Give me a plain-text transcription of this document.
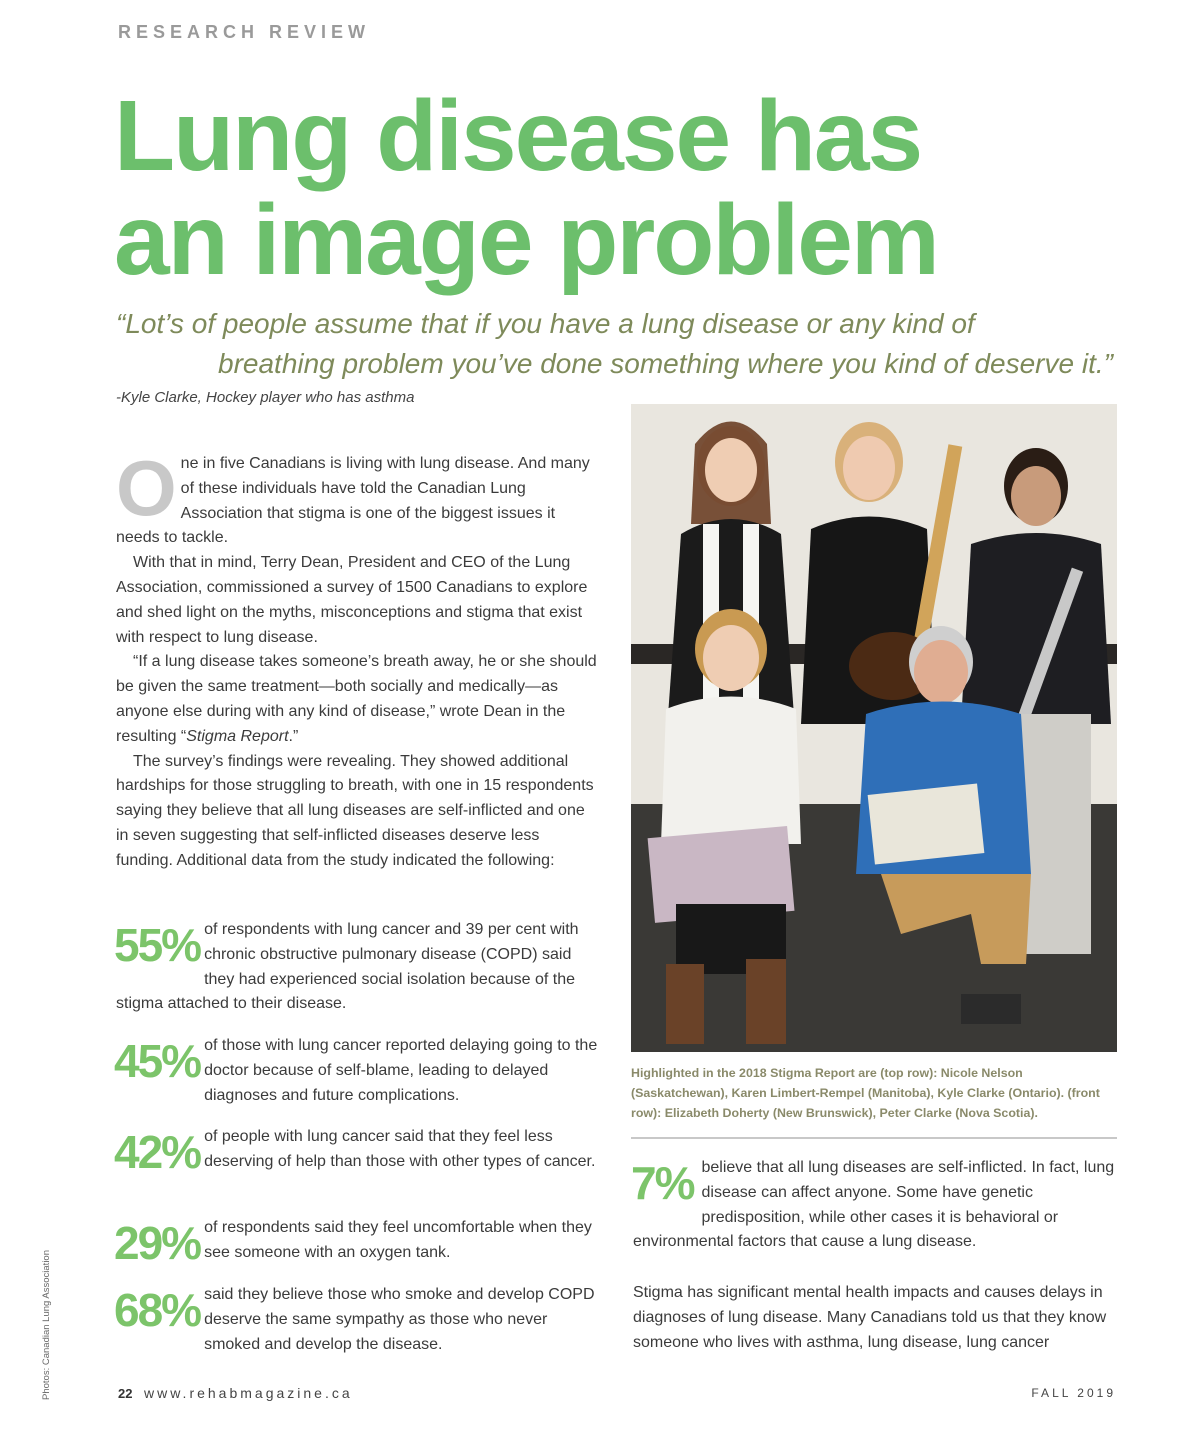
RESEARCH REVIEW
Lung disease has
an image problem
“Lot’s of people assume that if you have a lung disease or any kind of
breathing problem you’ve done something where you kind of deserve it.”
-Kyle Clarke, Hockey player who has asthma

One in five Canadians is living with lung disease. And many of these individuals have told the Canadian Lung Association that stigma is one of the biggest issues it needs to tackle.

With that in mind, Terry Dean, President and CEO of the Lung Association, commissioned a survey of 1500 Canadians to explore and shed light on the myths, misconceptions and stigma that exist with respect to lung disease.

“If a lung disease takes someone’s breath away, he or she should be given the same treatment—both socially and medically—as anyone else during with any kind of disease,” wrote Dean in the resulting “Stigma Report.”

The survey’s findings were revealing. They showed additional hardships for those struggling to breath, with one in 15 respondents saying they believe that all lung diseases are self-inflicted and one in seven suggesting that self-inflicted diseases deserve less funding. Additional data from the study indicated the following:

55% of respondents with lung cancer and 39 per cent with chronic obstructive pulmonary disease (COPD) said they had experienced social isolation because of the stigma attached to their disease.
45% of those with lung cancer reported delaying going to the doctor because of self-blame, leading to delayed diagnoses and future complications.
42% of people with lung cancer said that they feel less deserving of help than those with other types of cancer.
29% of respondents said they feel uncomfortable when they see someone with an oxygen tank.
68% said they believe those who smoke and develop COPD deserve the same sympathy as those who never smoked and develop the disease.
Highlighted in the 2018 Stigma Report are (top row): Nicole Nelson (Saskatchewan), Karen Limbert-Rempel (Manitoba), Kyle Clarke (Ontario). (front row): Elizabeth Doherty (New Brunswick), Peter Clarke (Nova Scotia).
7% believe that all lung diseases are self-inflicted. In fact, lung disease can affect anyone. Some have genetic predisposition, while other cases it is behavioral or environmental factors that cause a lung disease.
Stigma has significant mental health impacts and causes delays in diagnoses of lung disease. Many Canadians told us that they know someone who lives with asthma, lung disease, lung cancer
Photos: Canadian Lung Association	22 www.rehabmagazine.ca	FALL 2019
